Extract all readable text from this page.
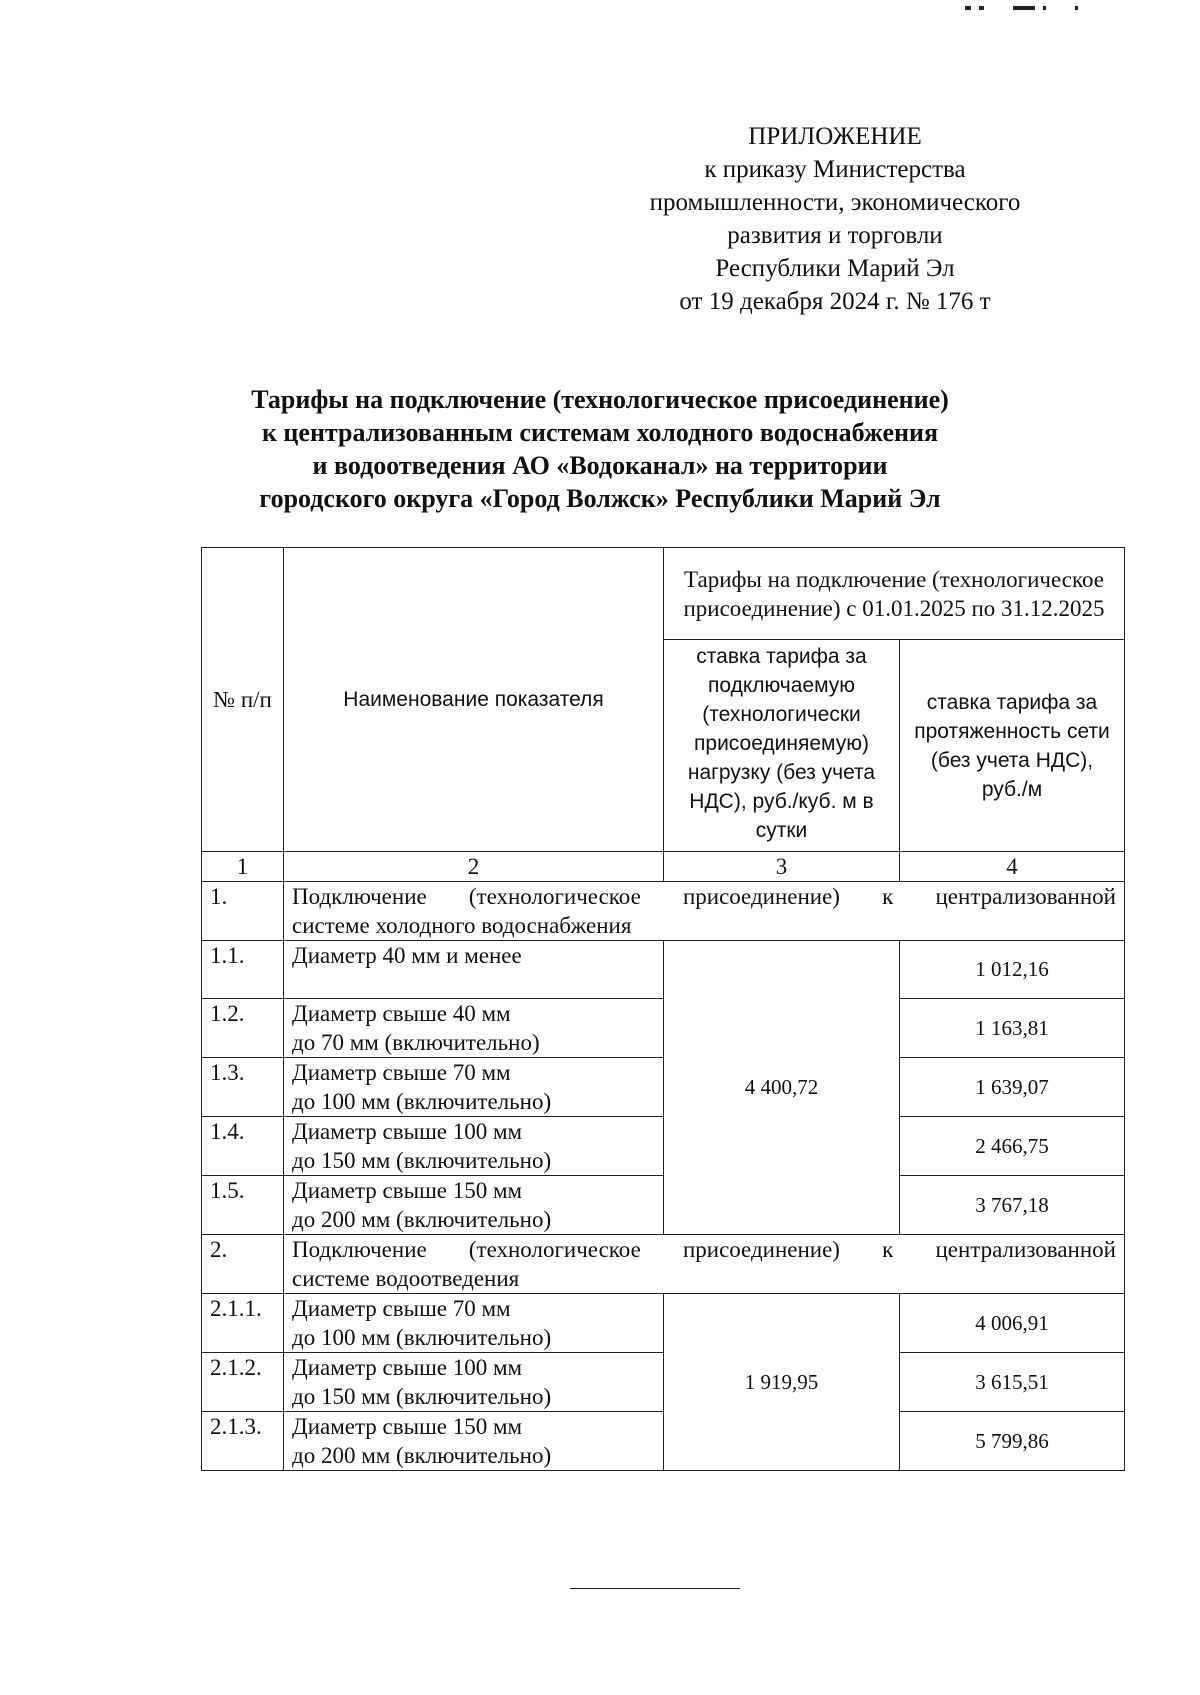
ПРИЛОЖЕНИЕ
к приказу Министерства
промышленности, экономического
развития и торговли
Республики Марий Эл
от 19 декабря 2024 г. № 176 т
Тарифы на подключение (технологическое присоединение)
к централизованным системам холодного водоснабжения
и водоотведения АО «Водоканал» на территории
городского округа «Город Волжск» Республики Марий Эл
№ п/п	Наименование показателя	Тарифы на подключение (технологическое присоединение) с 01.01.2025 по 31.12.2025	
		ставка тарифа за подключаемую (технологически присоединяемую) нагрузку (без учета НДС), руб./куб. м в сутки	ставка тарифа за протяженность сети (без учета НДС), руб./м
1	2	3	4
1.	Подключение (технологическое присоединение) к централизованной
системе холодного водоснабжения		

1.1.	Диаметр 40 мм и менее	4 400,72	1 012,16
1.2.	Диаметр свыше 40 мм
до 70 мм (включительно)		1 163,81
1.3.	Диаметр свыше 70 мм
до 100 мм (включительно)		1 639,07
1.4.	Диаметр свыше 100 мм
до 150 мм (включительно)		2 466,75
1.5.	Диаметр свыше 150 мм
до 200 мм (включительно)		3 767,18
2.	Подключение (технологическое присоединение) к централизованной
системе водоотведения		

2.1.1.	Диаметр свыше 70 мм
до 100 мм (включительно)	1 919,95	4 006,91
2.1.2.	Диаметр свыше 100 мм
до 150 мм (включительно)		3 615,51
2.1.3.	Диаметр свыше 150 мм
до 200 мм (включительно)		5 799,86
